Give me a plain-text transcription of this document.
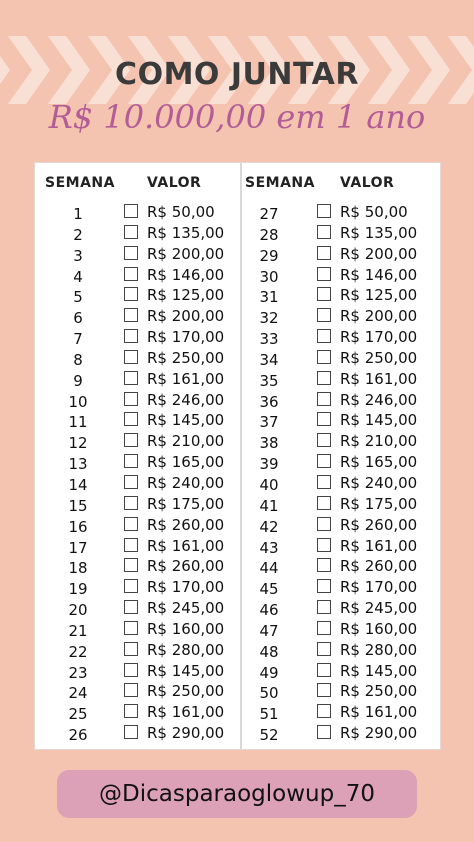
COMO JUNTAR
R$ 10.000,00 em 1 ano
SEMANA VALOR
1	R$ 50,00
2	R$ 135,00
3	R$ 200,00
4	R$ 146,00
5	R$ 125,00
6	R$ 200,00
7	R$ 170,00
8	R$ 250,00
9	R$ 161,00
10	R$ 246,00
11	R$ 145,00
12	R$ 210,00
13	R$ 165,00
14	R$ 240,00
15	R$ 175,00
16	R$ 260,00
17	R$ 161,00
18	R$ 260,00
19	R$ 170,00
20	R$ 245,00
21	R$ 160,00
22	R$ 280,00
23	R$ 145,00
24	R$ 250,00
25	R$ 161,00
26	R$ 290,00
SEMANA VALOR
27	R$ 50,00
28	R$ 135,00
29	R$ 200,00
30	R$ 146,00
31	R$ 125,00
32	R$ 200,00
33	R$ 170,00
34	R$ 250,00
35	R$ 161,00
36	R$ 246,00
37	R$ 145,00
38	R$ 210,00
39	R$ 165,00
40	R$ 240,00
41	R$ 175,00
42	R$ 260,00
43	R$ 161,00
44	R$ 260,00
45	R$ 170,00
46	R$ 245,00
47	R$ 160,00
48	R$ 280,00
49	R$ 145,00
50	R$ 250,00
51	R$ 161,00
52	R$ 290,00
@Dicasparaoglowup_70
